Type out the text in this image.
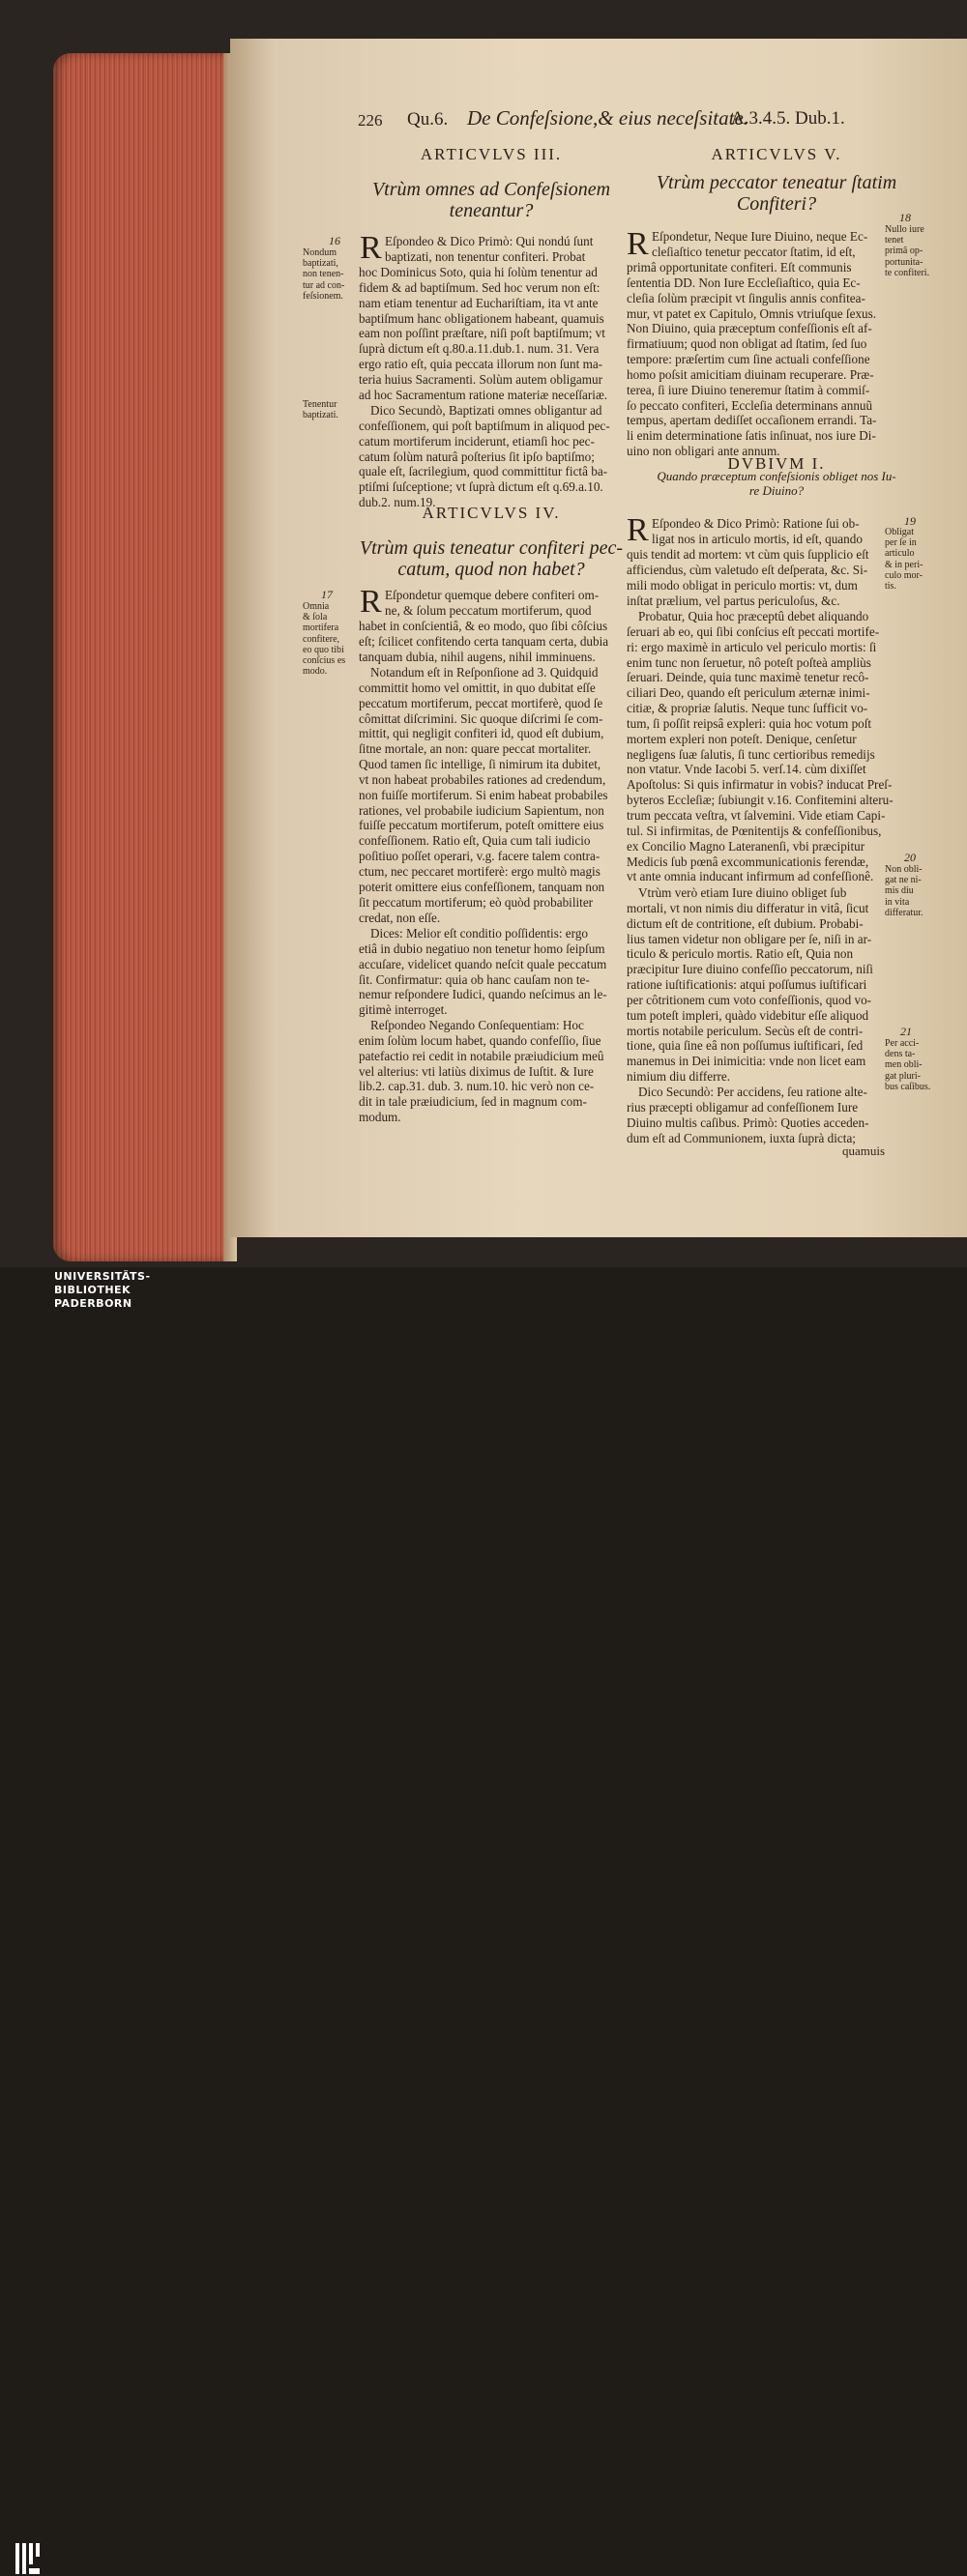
226 Qu.6. De Confeſsione,& eius neceſsitate.
A.3.4.5. Dub.1.
ARTICVLVS III.
Vtrùm omnes ad Confeſsionem
teneantur?
16
Nondum
baptizati,
non tenen-
tur ad con-
feſsionem.
R Eſpondeo & Dico Primò: Qui nondú ſunt
baptizati, non tenentur confiteri. Probat
hoc Dominicus Soto, quia hi ſolùm tenentur ad
fidem & ad baptiſmum. Sed hoc verum non eſt:
nam etiam tenentur ad Euchariſtiam, ita vt ante
baptiſmum hanc obligationem habeant, quamuis
eam non poſſint præſtare, niſi poſt baptiſmum; vt
ſuprà dictum eſt q.80.a.11.dub.1. num. 31. Vera
ergo ratio eſt, quia peccata illorum non ſunt ma-
teria huius Sacramenti. Solùm autem obligamur
ad hoc Sacramentum ratione materiæ neceſſariæ.
Tenentur
baptizati.	Dico Secundò, Baptizati omnes obligantur ad
confeſſionem, qui poſt baptiſmum in aliquod pec-
catum mortiferum inciderunt, etiamſi hoc pec-
catum ſolùm naturâ poſterius ſit ipſo baptiſmo;
quale eſt, ſacrilegium, quod committitur fictâ ba-
ptiſmi ſuſceptione; vt ſuprà dictum eſt q.69.a.10.
dub.2. num.19.
ARTICVLVS IV.
Vtrùm quis teneatur confiteri pec-
catum, quod non habet?
17
Omnia
& ſola
mortifera
confitere,
eo quo tibi
conſcius es
modo.
R Eſpondetur quemque debere confiteri om-
ne, & ſolum peccatum mortiferum, quod
habet in conſcientiâ, & eo modo, quo ſibi côſcius
eſt; ſcilicet confitendo certa tanquam certa, dubia
tanquam dubia, nihil augens, nihil imminuens.
Notandum eſt in Reſponſione ad 3. Quidquid
committit homo vel omittit, in quo dubitat eſſe
peccatum mortiferum, peccat mortiferè, quod ſe
cômittat diſcrimini. Sic quoque diſcrimi ſe com-
mittit, qui negligit confiteri id, quod eſt dubium,
ſitne mortale, an non: quare peccat mortaliter.
Quod tamen ſic intellige, ſi nimirum ita dubitet,
vt non habeat probabiles rationes ad credendum,
non fuiſſe mortiferum. Si enim habeat probabiles
rationes, vel probabile iudicium Sapientum, non
fuiſſe peccatum mortiferum, poteſt omittere eius
confeſſionem. Ratio eſt, Quia cum tali iudicio
poſitiuo poſſet operari, v.g. facere talem contra-
ctum, nec peccaret mortiferè: ergo multò magis
poterit omittere eius confeſſionem, tanquam non
ſit peccatum mortiferum; eò quòd probabiliter
credat, non eſſe.
Dices: Melior eſt conditio poſſidentis: ergo
etiâ in dubio negatiuo non tenetur homo ſeipſum
accuſare, videlicet quando neſcit quale peccatum
ſit. Confirmatur: quia ob hanc cauſam non te-
nemur reſpondere Iudici, quando neſcimus an le-
gitimè interroget.
Reſpondeo Negando Conſequentiam: Hoc
enim ſolùm locum habet, quando confeſſio, ſiue
patefactio rei cedit in notabile præiudicium meû
vel alterius: vti latiùs diximus de Iuſtit. & Iure
lib.2. cap.31. dub. 3. num.10. hic verò non ce-
dit in tale præiudicium, ſed in magnum com-
modum.
ARTICVLVS V.
Vtrùm peccator teneatur ſtatim
Confiteri?
18
Nullo iure
tenet
primâ op-
portunita-
te confiteri.
R Eſpondetur, Neque Iure Diuino, neque Ec-
cleſiaſtico tenetur peccator ſtatim, id eſt,
primâ opportunitate confiteri. Eſt communis
ſententia DD. Non Iure Eccleſiaſtico, quia Ec-
cleſia ſolùm præcipit vt ſingulis annis confitea-
mur, vt patet ex Capitulo, Omnis vtriuſque ſexus.
Non Diuino, quia præceptum confeſſionis eſt af-
firmatiuum; quod non obligat ad ſtatim, ſed ſuo
tempore: præſertim cum ſine actuali confeſſione
homo poſsit amicitiam diuinam recuperare. Præ-
terea, ſi iure Diuino teneremur ſtatim à commiſ-
ſo peccato confiteri, Eccleſia determinans annuũ
tempus, apertam dediſſet occaſionem errandi. Ta-
li enim determinatione ſatis inſinuat, nos iure Di-
uino non obligari ante annum.
DVBIVM I.
Quando præceptum confeſsionis obliget nos Iu-
re Diuino?
19
Obligat
per ſe in
articulo
& in peri-
culo mor-
tis.
R Eſpondeo & Dico Primò: Ratione ſui ob-
ligat nos in articulo mortis, id eſt, quando
quis tendit ad mortem: vt cùm quis ſupplicio eſt
afficiendus, cùm valetudo eſt deſperata, &c. Si-
mili modo obligat in periculo mortis: vt, dum
inſtat prælium, vel partus periculoſus, &c.
Probatur, Quia hoc præceptû debet aliquando
ſeruari ab eo, qui ſibi conſcius eſt peccati mortife-
ri: ergo maximè in articulo vel periculo mortis: ſi
enim tunc non ſeruetur, nô poteſt poſteà ampliùs
ſeruari. Deinde, quia tunc maximè tenetur recô-
ciliari Deo, quando eſt periculum æternæ inimi-
citiæ, & propriæ ſalutis. Neque tunc ſufficit vo-
tum, ſi poſſit reipsâ expleri: quia hoc votum poſt
mortem expleri non poteſt. Denique, cenſetur
negligens ſuæ ſalutis, ſi tunc certioribus remedijs
non vtatur. Vnde Iacobi 5. verſ.14. cùm dixiſſet
Apoſtolus: Si quis infirmatur in vobis? inducat Preſ-
byteros Eccleſiæ; ſubiungit v.16. Confitemini alteru-
trum peccata veſtra, vt ſalvemini. Vide etiam Capi-
tul. Si infirmitas, de Pœnitentijs & confeſſionibus,
ex Concilio Magno Lateranenſi, vbi præcipitur
Medicis ſub pœnâ excommunicationis ferendæ,
vt ante omnia inducant infirmum ad confeſſionê.
20
Non obli-
gat ne ni-
mis diu
in vita
differatur.
Vtrùm verò etiam Iure diuino obliget ſub
mortali, vt non nimis diu differatur in vitâ, ſicut
dictum eſt de contritione, eſt dubium. Probabi-
lius tamen videtur non obligare per ſe, niſi in ar-
ticulo & periculo mortis. Ratio eſt, Quia non
præcipitur Iure diuino confeſſio peccatorum, niſi
ratione iuſtificationis: atqui poſſumus iuſtificari
per côtritionem cum voto confeſſionis, quod vo-
tum poteſt impleri, quàdo videbitur eſſe aliquod
mortis notabile periculum. Secùs eſt de contri-
tione, quia ſine eâ non poſſumus iuſtificari, ſed
manemus in Dei inimicitia: vnde non licet eam
nimium diu differre.
21
Per acci-
dens ta-
men obli-
gat pluri-
bus caſibus.
Dico Secundò: Per accidens, ſeu ratione alte-
rius præcepti obligamur ad confeſſionem Iure
Diuino multis caſibus. Primò: Quoties acceden-
dum eſt ad Communionem, iuxta ſuprà dicta;
quamuis
UNIVERSITÄTS-
BIBLIOTHEK
PADERBORN
